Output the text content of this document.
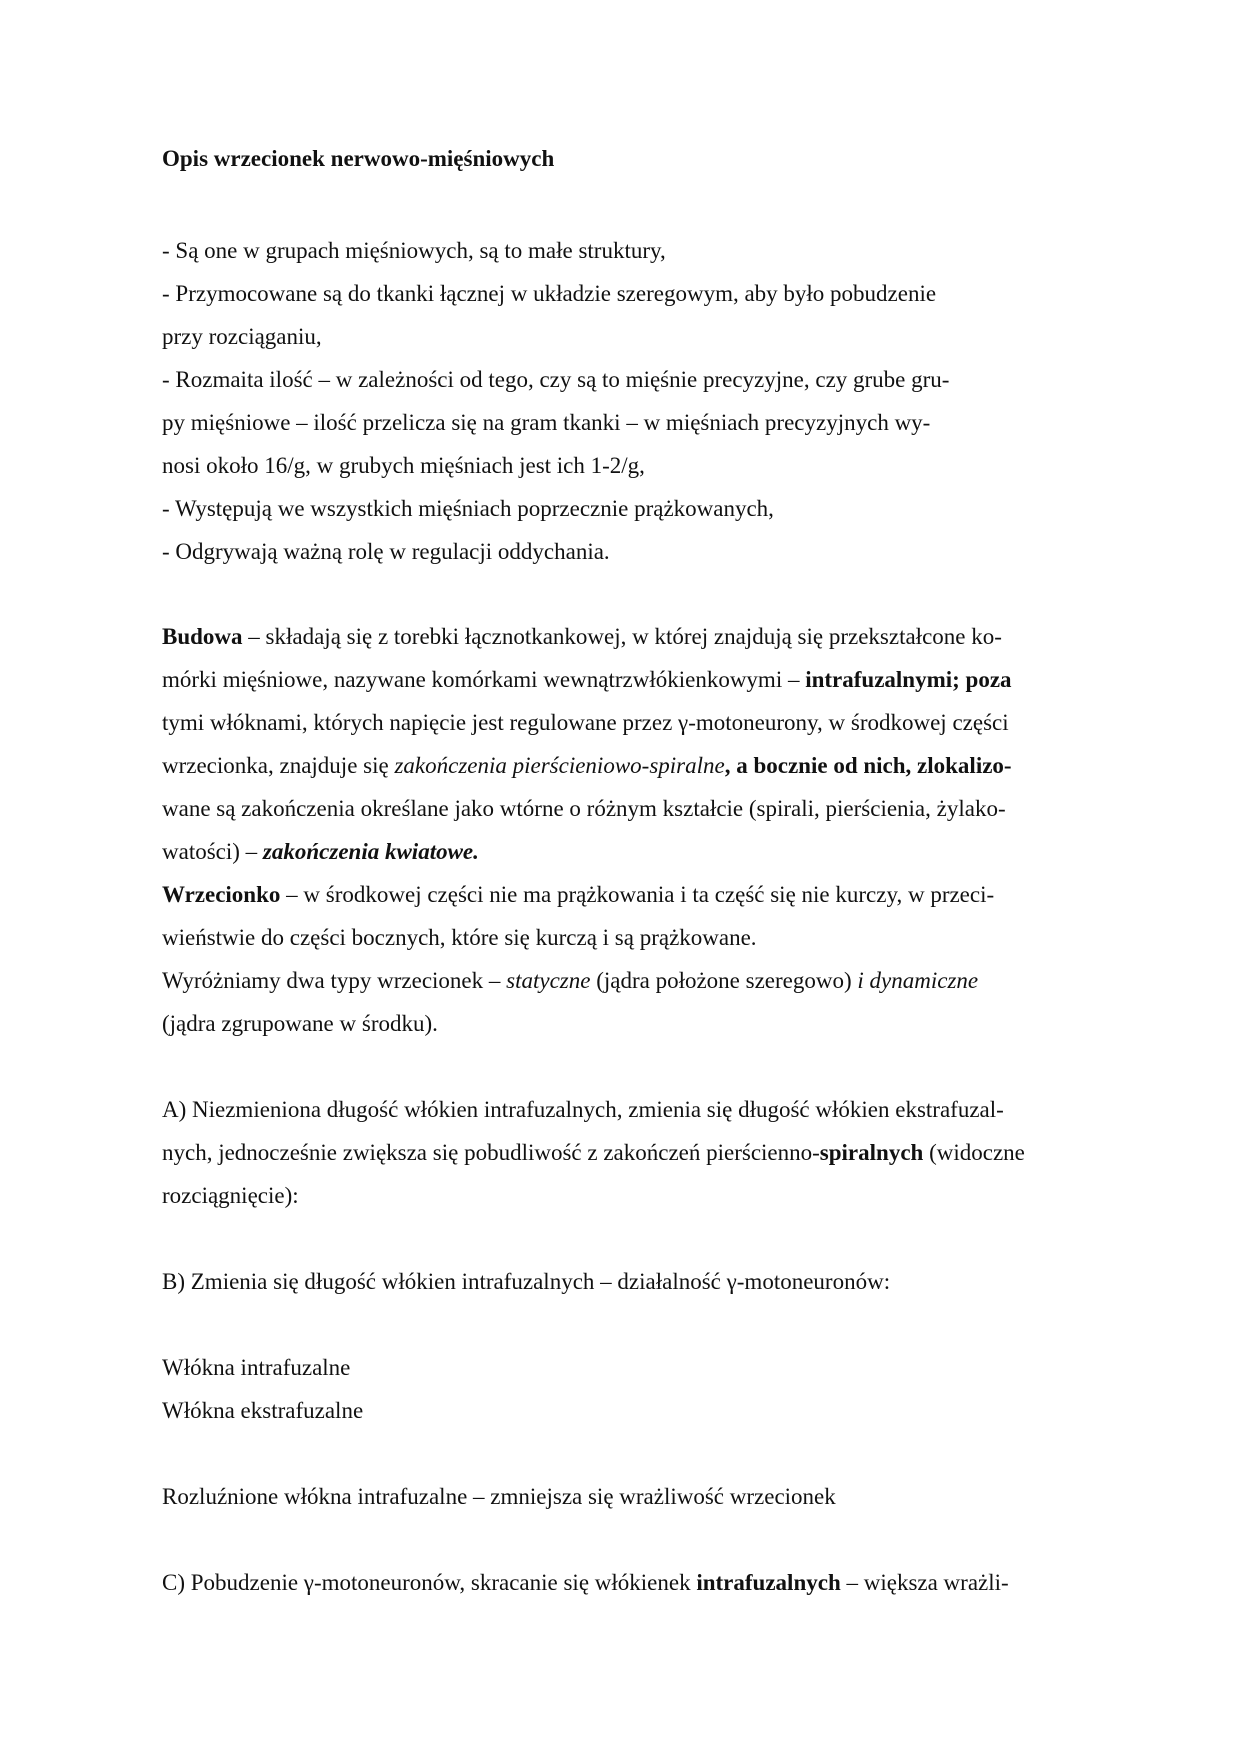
Opis wrzecionek nerwowo-mięśniowych
- Są one w grupach mięśniowych, są to małe struktury,
- Przymocowane są do tkanki łącznej w układzie szeregowym, aby było pobudzenie
przy rozciąganiu,
- Rozmaita ilość – w zależności od tego, czy są to mięśnie precyzyjne, czy grube gru-
py mięśniowe – ilość przelicza się na gram tkanki – w mięśniach precyzyjnych wy-
nosi około 16/g, w grubych mięśniach jest ich 1-2/g,
- Występują we wszystkich mięśniach poprzecznie prążkowanych,
- Odgrywają ważną rolę w regulacji oddychania.
Budowa – składają się z torebki łącznotkankowej, w której znajdują się przekształcone ko-
mórki mięśniowe, nazywane komórkami wewnątrzwłókienkowymi – intrafuzalnymi; poza
tymi włóknami, których napięcie jest regulowane przez γ-motoneurony, w środkowej części
wrzecionka, znajduje się zakończenia pierścieniowo-spiralne, a bocznie od nich, zlokalizo-
wane są zakończenia określane jako wtórne o różnym kształcie (spirali, pierścienia, żylako-
watości) – zakończenia kwiatowe.
Wrzecionko – w środkowej części nie ma prążkowania i ta część się nie kurczy, w przeci-
wieństwie do części bocznych, które się kurczą i są prążkowane.
Wyróżniamy dwa typy wrzecionek – statyczne (jądra położone szeregowo) i dynamiczne
(jądra zgrupowane w środku).
A) Niezmieniona długość włókien intrafuzalnych, zmienia się długość włókien ekstrafuzal-
nych, jednocześnie zwiększa się pobudliwość z zakończeń pierścienno-spiralnych (widoczne
rozciągnięcie):
B) Zmienia się długość włókien intrafuzalnych – działalność γ-motoneuronów:
Włókna intrafuzalne
Włókna ekstrafuzalne
Rozluźnione włókna intrafuzalne – zmniejsza się wrażliwość wrzecionek
C) Pobudzenie γ-motoneuronów, skracanie się włókienek intrafuzalnych – większa wrażli-
